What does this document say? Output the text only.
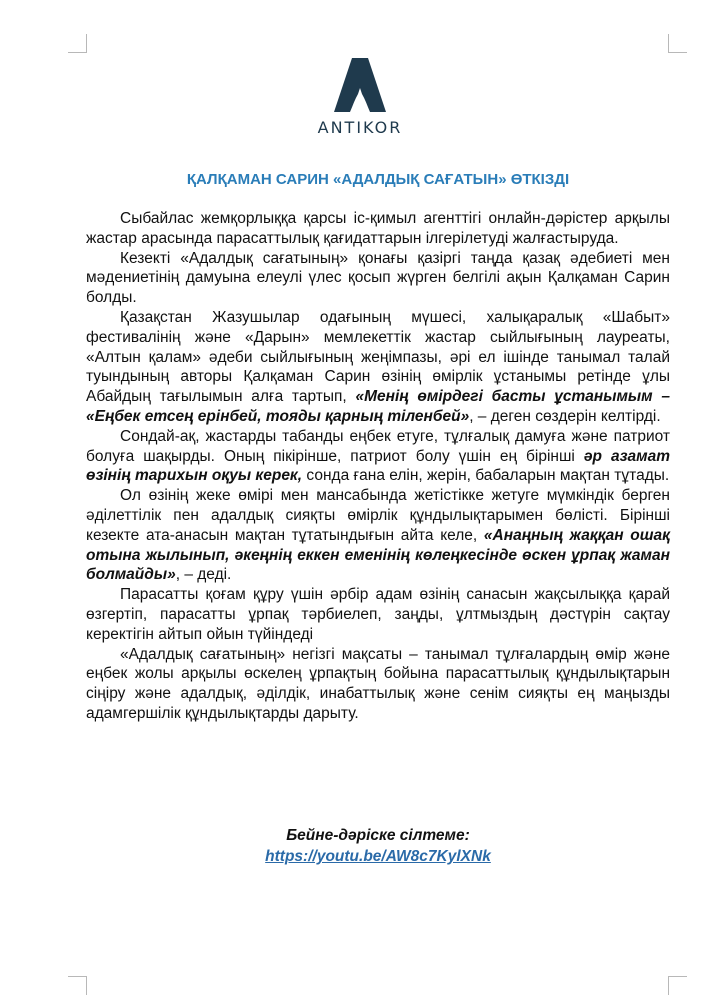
ANTIKOR
ҚАЛҚАМАН САРИН «АДАЛДЫҚ САҒАТЫН» ӨТКІЗДІ

Сыбайлас жемқорлыққа қарсы іс-қимыл агенттігі онлайн-дәрістер арқылы жастар арасында парасаттылық қағидаттарын ілгерілетуді жалғастыруда.

Кезекті «Адалдық сағатының» қонағы қазіргі таңда қазақ әдебиеті мен мәдениетінің дамуына елеулі үлес қосып жүрген белгілі ақын Қалқаман Сарин болды.

Қазақстан Жазушылар одағының мүшесі, халықаралық «Шабыт» фестивалінің және «Дарын» мемлекеттік жастар сыйлығының лауреаты, «Алтын қалам» әдеби сыйлығының жеңімпазы, әрі ел ішінде танымал талай туындының авторы Қалқаман Сарин өзінің өмірлік ұстанымы ретінде ұлы Абайдың тағылымын алға тартып, «Менің өмірдегі басты ұстанымым – «Еңбек етсең ерінбей, тояды қарның тіленбей», – деген сөздерін келтірді.

Сондай-ақ, жастарды табанды еңбек етуге, тұлғалық дамуға және патриот болуға шақырды. Оның пікірінше, патриот болу үшін ең бірінші әр азамат өзінің тарихын оқуы керек, сонда ғана елін, жерін, бабаларын мақтан тұтады.

Ол өзінің жеке өмірі мен мансабында жетістікке жетуге мүмкіндік берген әділеттілік пен адалдық сияқты өмірлік құндылықтарымен бөлісті. Бірінші кезекте ата-анасын мақтан тұтатындығын айта келе, «Анаңның жаққан ошақ отына жылынып, әкеңнің еккен еменінің көлеңкесінде өскен ұрпақ жаман болмайды», – деді.

Парасатты қоғам құру үшін әрбір адам өзінің санасын жақсылыққа қарай өзгертіп, парасатты ұрпақ тәрбиелеп, заңды, ұлтмыздың дәстүрін сақтау керектігін айтып ойын түйіндеді

«Адалдық сағатының» негізгі мақсаты – танымал тұлғалардың өмір және еңбек жолы арқылы өскелең ұрпақтың бойына парасаттылық құндылықтарын сіңіру және адалдық, әділдік, инабаттылық және сенім сияқты ең маңызды адамгершілік құндылықтарды дарыту.

Бейне-дәріске сілтеме:
https://youtu.be/AW8c7KylXNk
